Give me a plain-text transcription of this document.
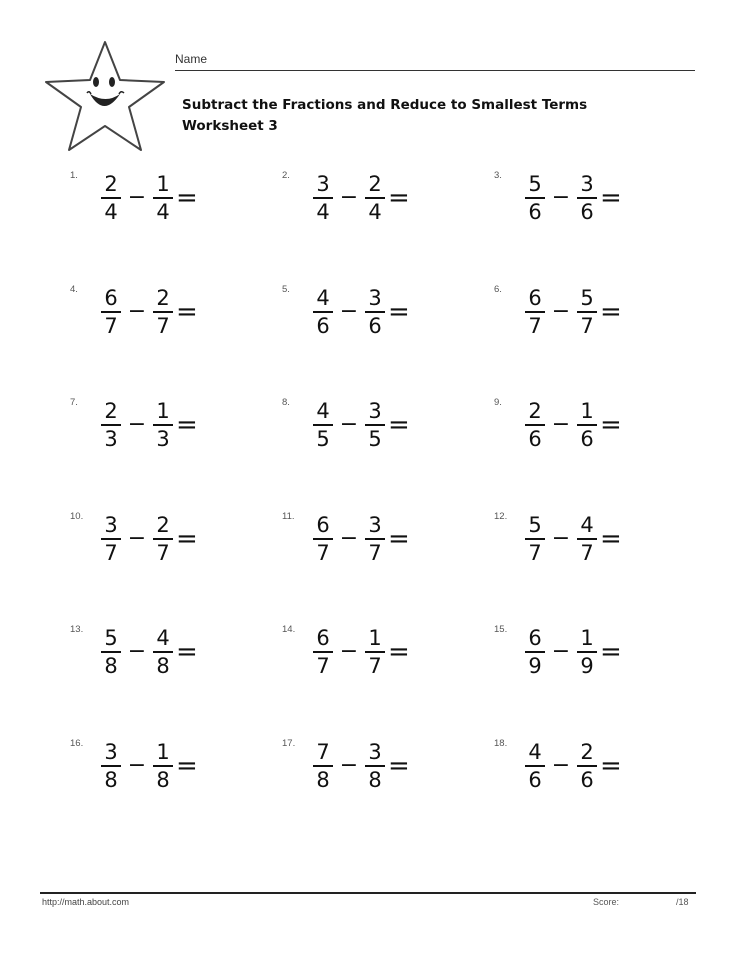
Name
Subtract the Fractions and Reduce to Smallest Terms
Worksheet 3
1. $\frac{2}{4} - \frac{1}{4}$ =
2. $\frac{3}{4} - \frac{2}{4}$ =
3. $\frac{5}{6} - \frac{3}{6}$ =
4. $\frac{6}{7} - \frac{2}{7}$ =
5. $\frac{4}{6} - \frac{3}{6}$ =
6. $\frac{6}{7} - \frac{5}{7}$ =
7. $\frac{2}{3} - \frac{1}{3}$ =
8. $\frac{4}{5} - \frac{3}{5}$ =
9. $\frac{2}{6} - \frac{1}{6}$ =
10. $\frac{3}{7} - \frac{2}{7}$ =
11. $\frac{6}{7} - \frac{3}{7}$ =
12. $\frac{5}{7} - \frac{4}{7}$ =
13. $\frac{5}{8} - \frac{4}{8}$ =
14. $\frac{6}{7} - \frac{1}{7}$ =
15. $\frac{6}{9} - \frac{1}{9}$ =
16. $\frac{3}{8} - \frac{1}{8}$ =
17. $\frac{7}{8} - \frac{3}{8}$ =
18. $\frac{4}{6} - \frac{2}{6}$ =
http://math.about.com	Score:	/18
